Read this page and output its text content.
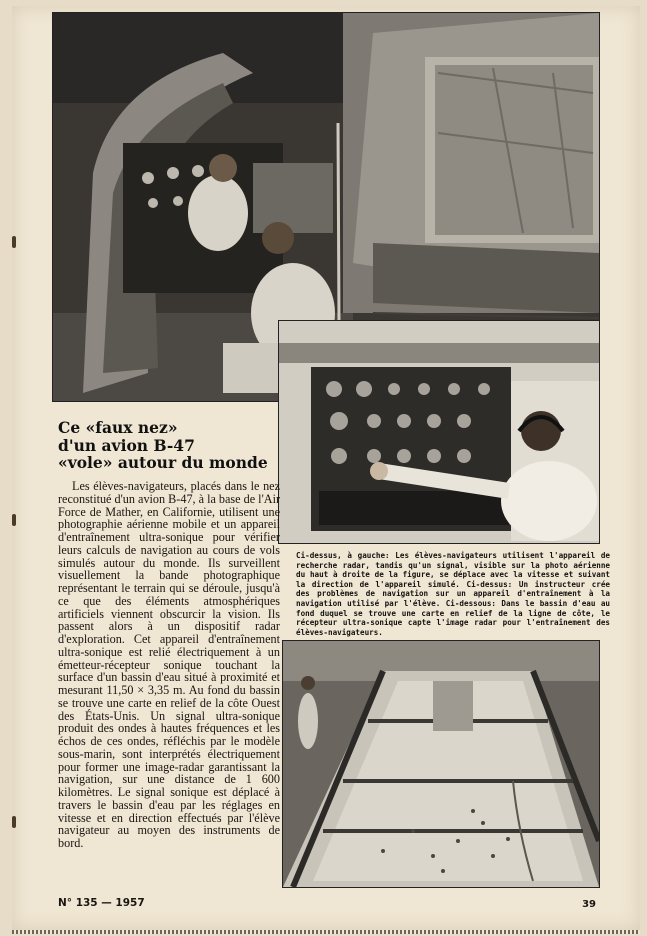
Ce «faux nez»
d'un avion B-47
«vole» autour du monde
Les élèves-navigateurs, placés dans le nez reconstitué d'un avion B-47, à la base de l'Air Force de Mather, en Californie, utilisent une photographie aérienne mobile et un appareil d'entraînement ultra-sonique pour vérifier leurs calculs de navigation au cours de vols simulés autour du monde. Ils surveillent visuellement la bande photographique représentant le terrain qui se déroule, jusqu'à ce que des éléments atmosphériques artificiels viennent obscurcir la vision. Ils passent alors à un dispositif radar d'exploration. Cet appareil d'entraînement ultra-sonique est relié électriquement à un émetteur-récepteur sonique touchant la surface d'un bassin d'eau situé à proximité et mesurant 11,50 × 3,35 m. Au fond du bassin se trouve une carte en relief de la côte Ouest des États-Unis. Un signal ultra-sonique produit des ondes à hautes fréquences et les échos de ces ondes, réfléchis par le modèle sous-marin, sont interprétés électriquement pour former une image-radar garantissant la navigation, sur une distance de 1 600 kilomètres. Le signal sonique est déplacé à travers le bassin d'eau par les réglages en vitesse et en direction effectués par l'élève navigateur au moyen des instruments de bord.
Ci-dessus, à gauche: Les élèves-navigateurs utilisent l'appareil de recherche radar, tandis qu'un signal, visible sur la photo aérienne du haut à droite de la figure, se déplace avec la vitesse et suivant la direction de l'appareil simulé. Ci-dessus: Un instructeur crée des problèmes de navigation sur un appareil d'entraînement à la navigation utilisé par l'élève. Ci-dessous: Dans le bassin d'eau au fond duquel se trouve une carte en relief de la ligne de côte, le récepteur ultra-sonique capte l'image radar pour l'entraînement des élèves-navigateurs.
N° 135 — 1957	39
